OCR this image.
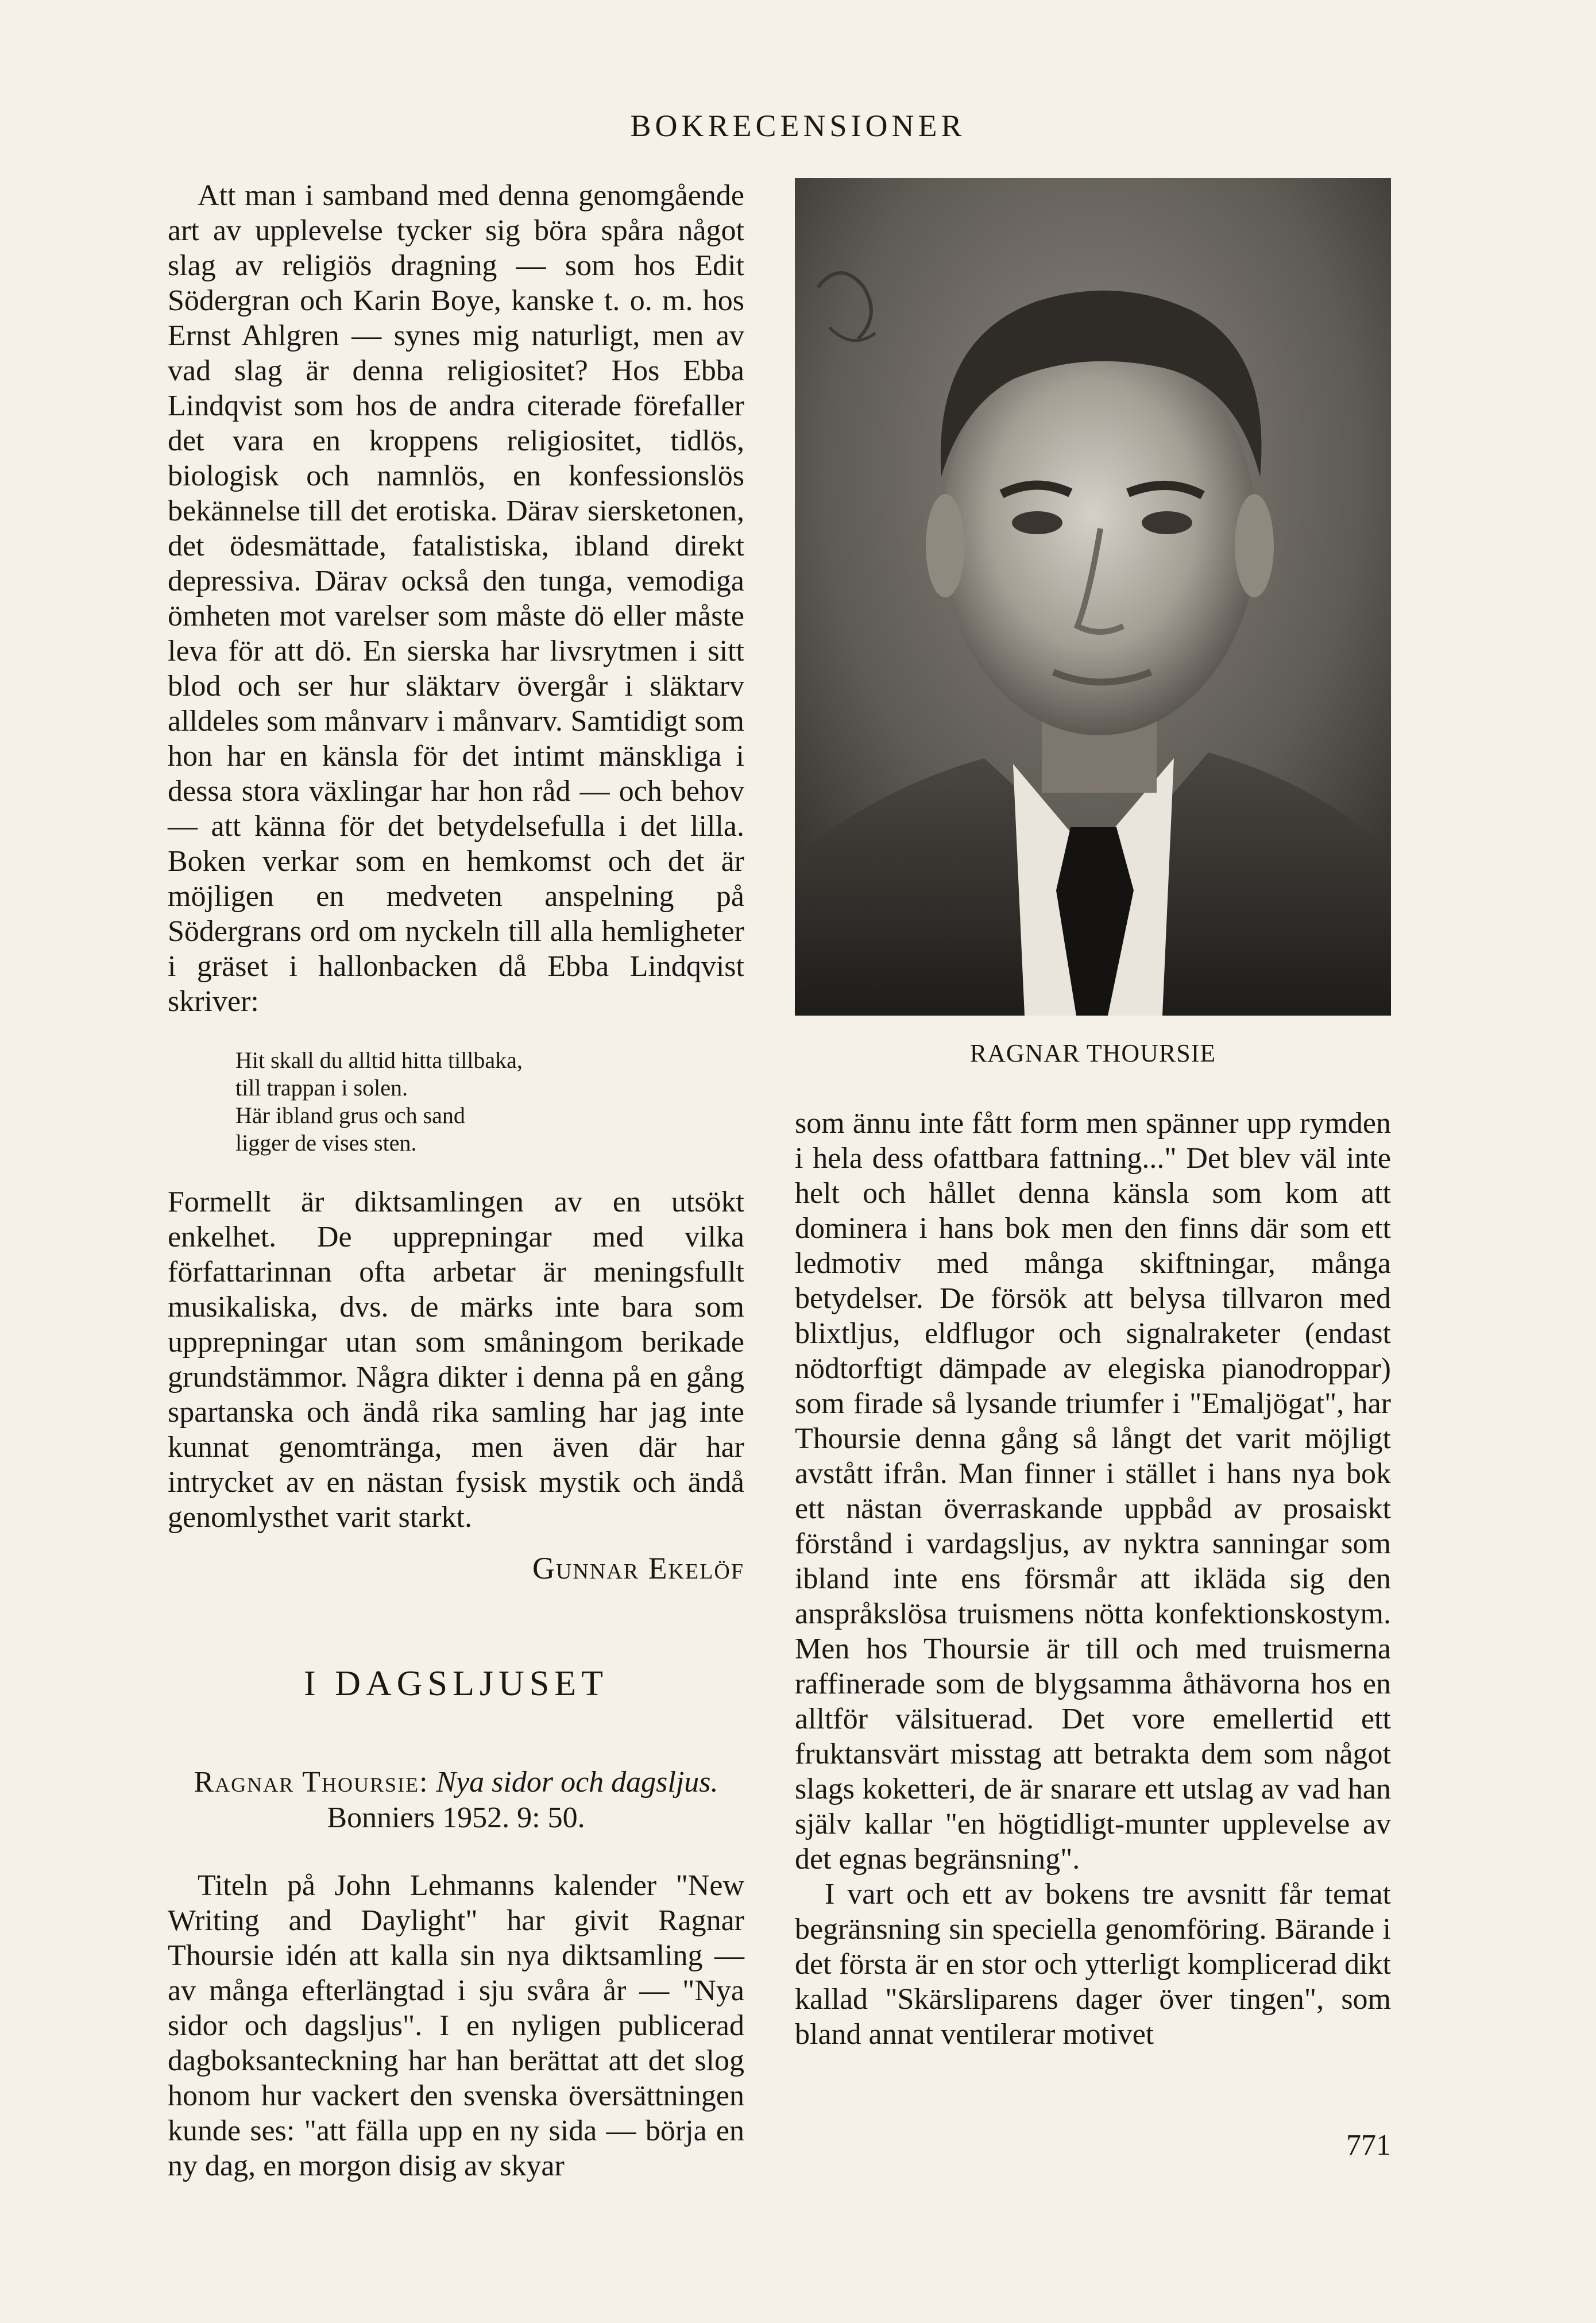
BOKRECENSIONER

Att man i samband med denna genomgående art av upplevelse tycker sig böra spåra något slag av religiös dragning — som hos Edit Södergran och Karin Boye, kanske t. o. m. hos Ernst Ahlgren — synes mig naturligt, men av vad slag är denna religiositet? Hos Ebba Lindqvist som hos de andra citerade förefaller det vara en kroppens religiositet, tidlös, biologisk och namnlös, en konfessionslös bekännelse till det erotiska. Därav siersketonen, det ödesmättade, fatalistiska, ibland direkt depressiva. Därav också den tunga, vemodiga ömheten mot varelser som måste dö eller måste leva för att dö. En sierska har livsrytmen i sitt blod och ser hur släktarv övergår i släktarv alldeles som månvarv i månvarv. Samtidigt som hon har en känsla för det intimt mänskliga i dessa stora växlingar har hon råd — och behov — att känna för det betydelsefulla i det lilla. Boken verkar som en hemkomst och det är möjligen en medveten anspelning på Södergrans ord om nyckeln till alla hemligheter i gräset i hallonbacken då Ebba Lindqvist skriver:

Hit skall du alltid hitta tillbaka,
till trappan i solen.
Här ibland grus och sand
ligger de vises sten.

Formellt är diktsamlingen av en utsökt enkelhet. De upprepningar med vilka författarinnan ofta arbetar är meningsfullt musikaliska, dvs. de märks inte bara som upprepningar utan som småningom berikade grundstämmor. Några dikter i denna på en gång spartanska och ändå rika samling har jag inte kunnat genomtränga, men även där har intrycket av en nästan fysisk mystik och ändå genomlysthet varit starkt.

Gunnar Ekelöf
I DAGSLJUSET
Ragnar Thoursie: Nya sidor och dagsljus.
Bonniers 1952. 9: 50.

Titeln på John Lehmanns kalender "New Writing and Daylight" har givit Ragnar Thoursie idén att kalla sin nya diktsamling — av många efterlängtad i sju svåra år — "Nya sidor och dagsljus". I en nyligen publicerad dagboksanteckning har han berättat att det slog honom hur vackert den svenska översättningen kunde ses: "att fälla upp en ny sida — börja en ny dag, en morgon disig av skyar

RAGNAR THOURSIE

som ännu inte fått form men spänner upp rymden i hela dess ofattbara fattning..." Det blev väl inte helt och hållet denna känsla som kom att dominera i hans bok men den finns där som ett ledmotiv med många skiftningar, många betydelser. De försök att belysa tillvaron med blixtljus, eldflugor och signalraketer (endast nödtorftigt dämpade av elegiska pianodroppar) som firade så lysande triumfer i "Emaljögat", har Thoursie denna gång så långt det varit möjligt avstått ifrån. Man finner i stället i hans nya bok ett nästan överraskande uppbåd av prosaiskt förstånd i vardagsljus, av nyktra sanningar som ibland inte ens försmår att ikläda sig den anspråkslösa truismens nötta konfektionskostym. Men hos Thoursie är till och med truismerna raffinerade som de blygsamma åthävorna hos en alltför välsituerad. Det vore emellertid ett fruktansvärt misstag att betrakta dem som något slags koketteri, de är snarare ett utslag av vad han själv kallar "en högtidligt-munter upplevelse av det egnas begränsning".

I vart och ett av bokens tre avsnitt får temat begränsning sin speciella genomföring. Bärande i det första är en stor och ytterligt komplicerad dikt kallad "Skärsliparens dager över tingen", som bland annat ventilerar motivet

771
